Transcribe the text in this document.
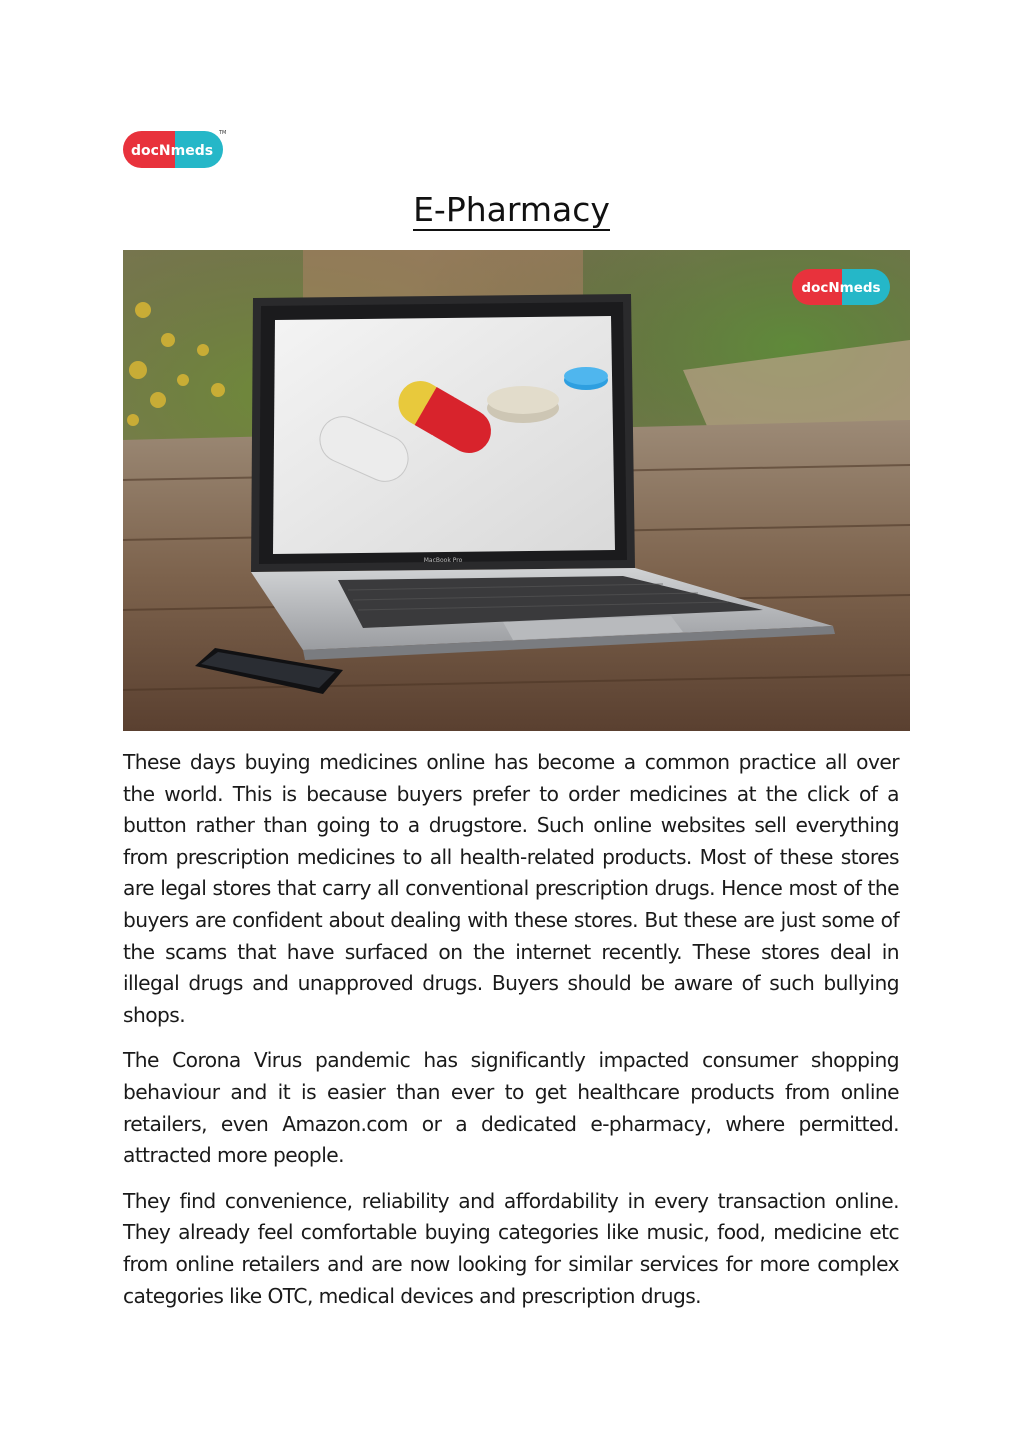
docNmeds
TM
E-Pharmacy
MacBook Pro
docNmeds

These days buying medicines online has become a common practice all over the world. This is because buyers prefer to order medicines at the click of a button rather than going to a drugstore. Such online websites sell everything from prescription medicines to all health-related products. Most of these stores are legal stores that carry all conventional prescription drugs. Hence most of the buyers are confident about dealing with these stores. But these are just some of the scams that have surfaced on the internet recently. These stores deal in illegal drugs and unapproved drugs. Buyers should be aware of such bullying shops.

The Corona Virus pandemic has significantly impacted consumer shopping behaviour and it is easier than ever to get healthcare products from online retailers, even Amazon.com or a dedicated e-pharmacy, where permitted. attracted more people.

They find convenience, reliability and affordability in every transaction online. They already feel comfortable buying categories like music, food, medicine etc from online retailers and are now looking for similar services for more complex categories like OTC, medical devices and prescription drugs.
